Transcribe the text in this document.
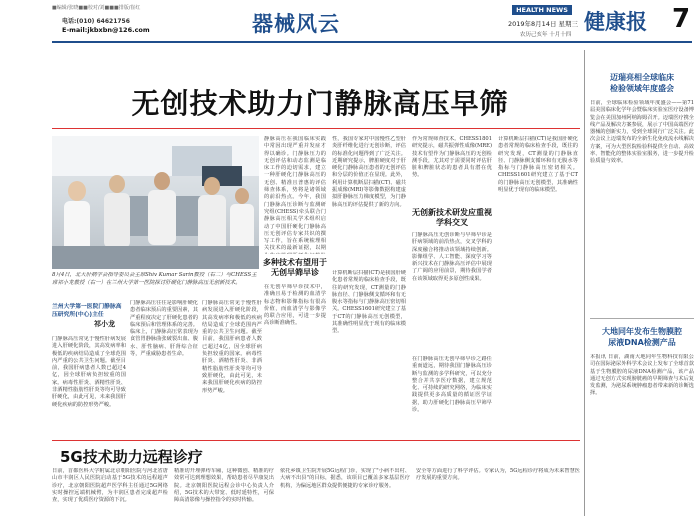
■编辑/张晓■■校对/刘■■■排版/崔红
电话:(010) 64621756
E-mail:jkbxbn@126.com	器械风云
HEALTH NEWS
2019年8月14日 星期三
农历己亥年 十月十四
健康报 7
无创技术助力门静脉高压早筛
8月4日，北大肝病学会指导委员会主席Shiv Kumar Sarin教授（右二）与CHESS主席祁小龙教授（右一）在兰州大学第一医院探讨肝硬化门静脉高压无创新技术。
兰州大学第一医院门静脉高压研究所(中心)主任
祁小龙
门静脉高压常见于慢性肝病发展进入肝硬化阶段，其高发病率和极低的疾病结局造成了全球范围内严重的公共卫生问题。截至目前，我国肝病患者人数已超过4亿，因全球肝病负担较重的国家。病毒性肝炎、酒精性肝炎、非酒精性脂肪性肝炎等均可导致肝硬化，由此可见，未来我国肝硬化疾病的防控形势严峻。
门静脉高压往往是影响肝硬化患者临床预后的重要因素，其严重程度决定了肝硬化患者的临床预后和管理体系的完善。临床上，门静脉高压常表现为食管胃静脉曲张破裂出血、腹水、肝性脑病、肝肾综合征等，严重威胁患者生命。
门静脉高压常见于慢性肝病发展进入肝硬化阶段，其高发病率和极低的疾病结局造成了全球范围内严重的公共卫生问题。截至目前，我国肝病患者人数已超过4亿，因全球肝病负担较重的国家。病毒性肝炎、酒精性肝炎、非酒精性脂肪性肝炎等均可导致肝硬化，由此可见，未来我国肝硬化疾病的防控形势严峻。
静脉高压在我国临床实践中常因出现严重并发症才得以确诊。门静脉压力的无创评估和动态监测是临床工作的迫切需求，建立一种肝硬化门静脉高压的无创、精准且普惠的评估筛查体系，势将是诸领域的前沿热点。今年，我国门静脉高压诊断与监测研究组(CHESS)牵头联合门静脉高压相关学术组织启动了中国肝硬化门静脉高压无创评估专家共识的撰写工作，旨在系统梳理相关技术的最新证据，以期
多种技术有望用于无创早筛早诊
在无创早筛早诊技术中，准确且易于检测的血清学标志物和影像指标有很高价值，而血清学与影像学的联合应用，可进一步提高诊断准确性。
性，我国专家对中国慢性乙型肝炎肝纤维化进行无创诊断，评估的标准化问题得到了广泛关注。近期研究提示，脾脏硬度对于肝硬化门静脉高压患者的无创评估和分层的价值正在显现。此外，利用计算机断层扫描(CT)、磁共振成像(MRI)等影像数据构建虚拟肝静脉压力梯度模型，为门静脉高压的评估提供了新的方向。
计算机断层扫描(CT)是我国肝硬化患者常规的临床检查手段，既往的研究发现，CT测量的门静脉直径、门静脉侧支循环和有无腹水等指标与门静脉高压密切相关。CHESS1601研究建立了基于CT的门静脉高压无创模型，其准确性明显优于现有的临床模型。
作为常规筛查技术。CHESS1801研究提示，磁共振弹性成像(MRE)技术有望作为门静脉高压的无创检测手段，尤其对于需要同时评估肝脏和脾脏状态的患者具有潜在优势。
无创新技术研发应重视学科交叉
门静脉高压无创诊断与早筛早诊是肝病领域的前沿热点，交叉学科的深度融合将推动该领域持续创新。影像组学、人工智能、深度学习等新兴技术在门静脉高压评估中展现了广阔的应用前景，期待我国学者在该领域取得更多原创性成果。
在门静脉高压无创早筛早诊之路任重而道远，期待我国门静脉高压诊断与监测的多学科研究，可以充分整合并共享医疗数据，建立规范化、可持续的研究网络，为临床实践提供更多高质量的循证医学证据，助力肝硬化门静脉高压早筛早诊。
计算机断层扫描(CT)是我国肝硬化患者常规的临床检查手段，既往的研究发现，CT测量的门静脉直径、门静脉侧支循环和有无腹水等指标与门静脉高压密切相关。CHESS1601研究建立了基于CT的门静脉高压无创模型，其准确性明显优于现有的临床模型。
5G技术助力远程诊疗
日前，首都医科大学附属北京朝阳医院与河北省唐山市丰润区人民医院启动基于5G技术的远程超声诊疗，北京朝阳医院超声医学科主任通过5G网络实时操控远端机械臂，为丰润区患者完成超声检查，实现了优质医疗资源的下沉。
精准切开埋弹痔车厢，这种微创、精准的疗效常可达到理想效果，帮助患者尽早康复出院。北京朝阳医院远程会诊中心负责人介绍，5G技术的大带宽、低时延特性，可保障高清影像与操控指令的实时传输。
依托乡镇卫生院开展5G远程门诊，实现了"小病不出村、大病不出县"的目标，据悉，该项目已覆盖多家基层医疗机构，为偏远地区群众提供便捷的专家诊疗服务。
安全等方面进行了科学评估。专家认为，5G远程诊疗将成为未来智慧医疗发展的重要方向。
迈瑞亮相全球临床
检验领域年度盛会
日前，全球临床检验领域年度盛会——第71届美国临床化学年会暨临床实验室医疗设备博览会在美国加州阿纳海姆召开。迈瑞医疗携全线产品及解决方案参展，展示了中国高端医疗器械的创新实力，受到全球同行广泛关注。此次会议上迈瑞发布的全新生化免疫流水线解决方案，可为大型医院检验科提供全自动、高效率、智能化的整体实验室服务，进一步提升检验质量与效率。
大地同年发布生物膜腔
尿液DNA检测产品
本报讯 日前，湖南大地同年生物科技有限公司在国际泌尿外科学术会议上发布了全球首款基于生物膜腔的尿液DNA检测产品，该产品通过无创方式实现膀胱癌的早期筛查与术后复发监测，为泌尿系统肿瘤患者带来新的诊断选择。
